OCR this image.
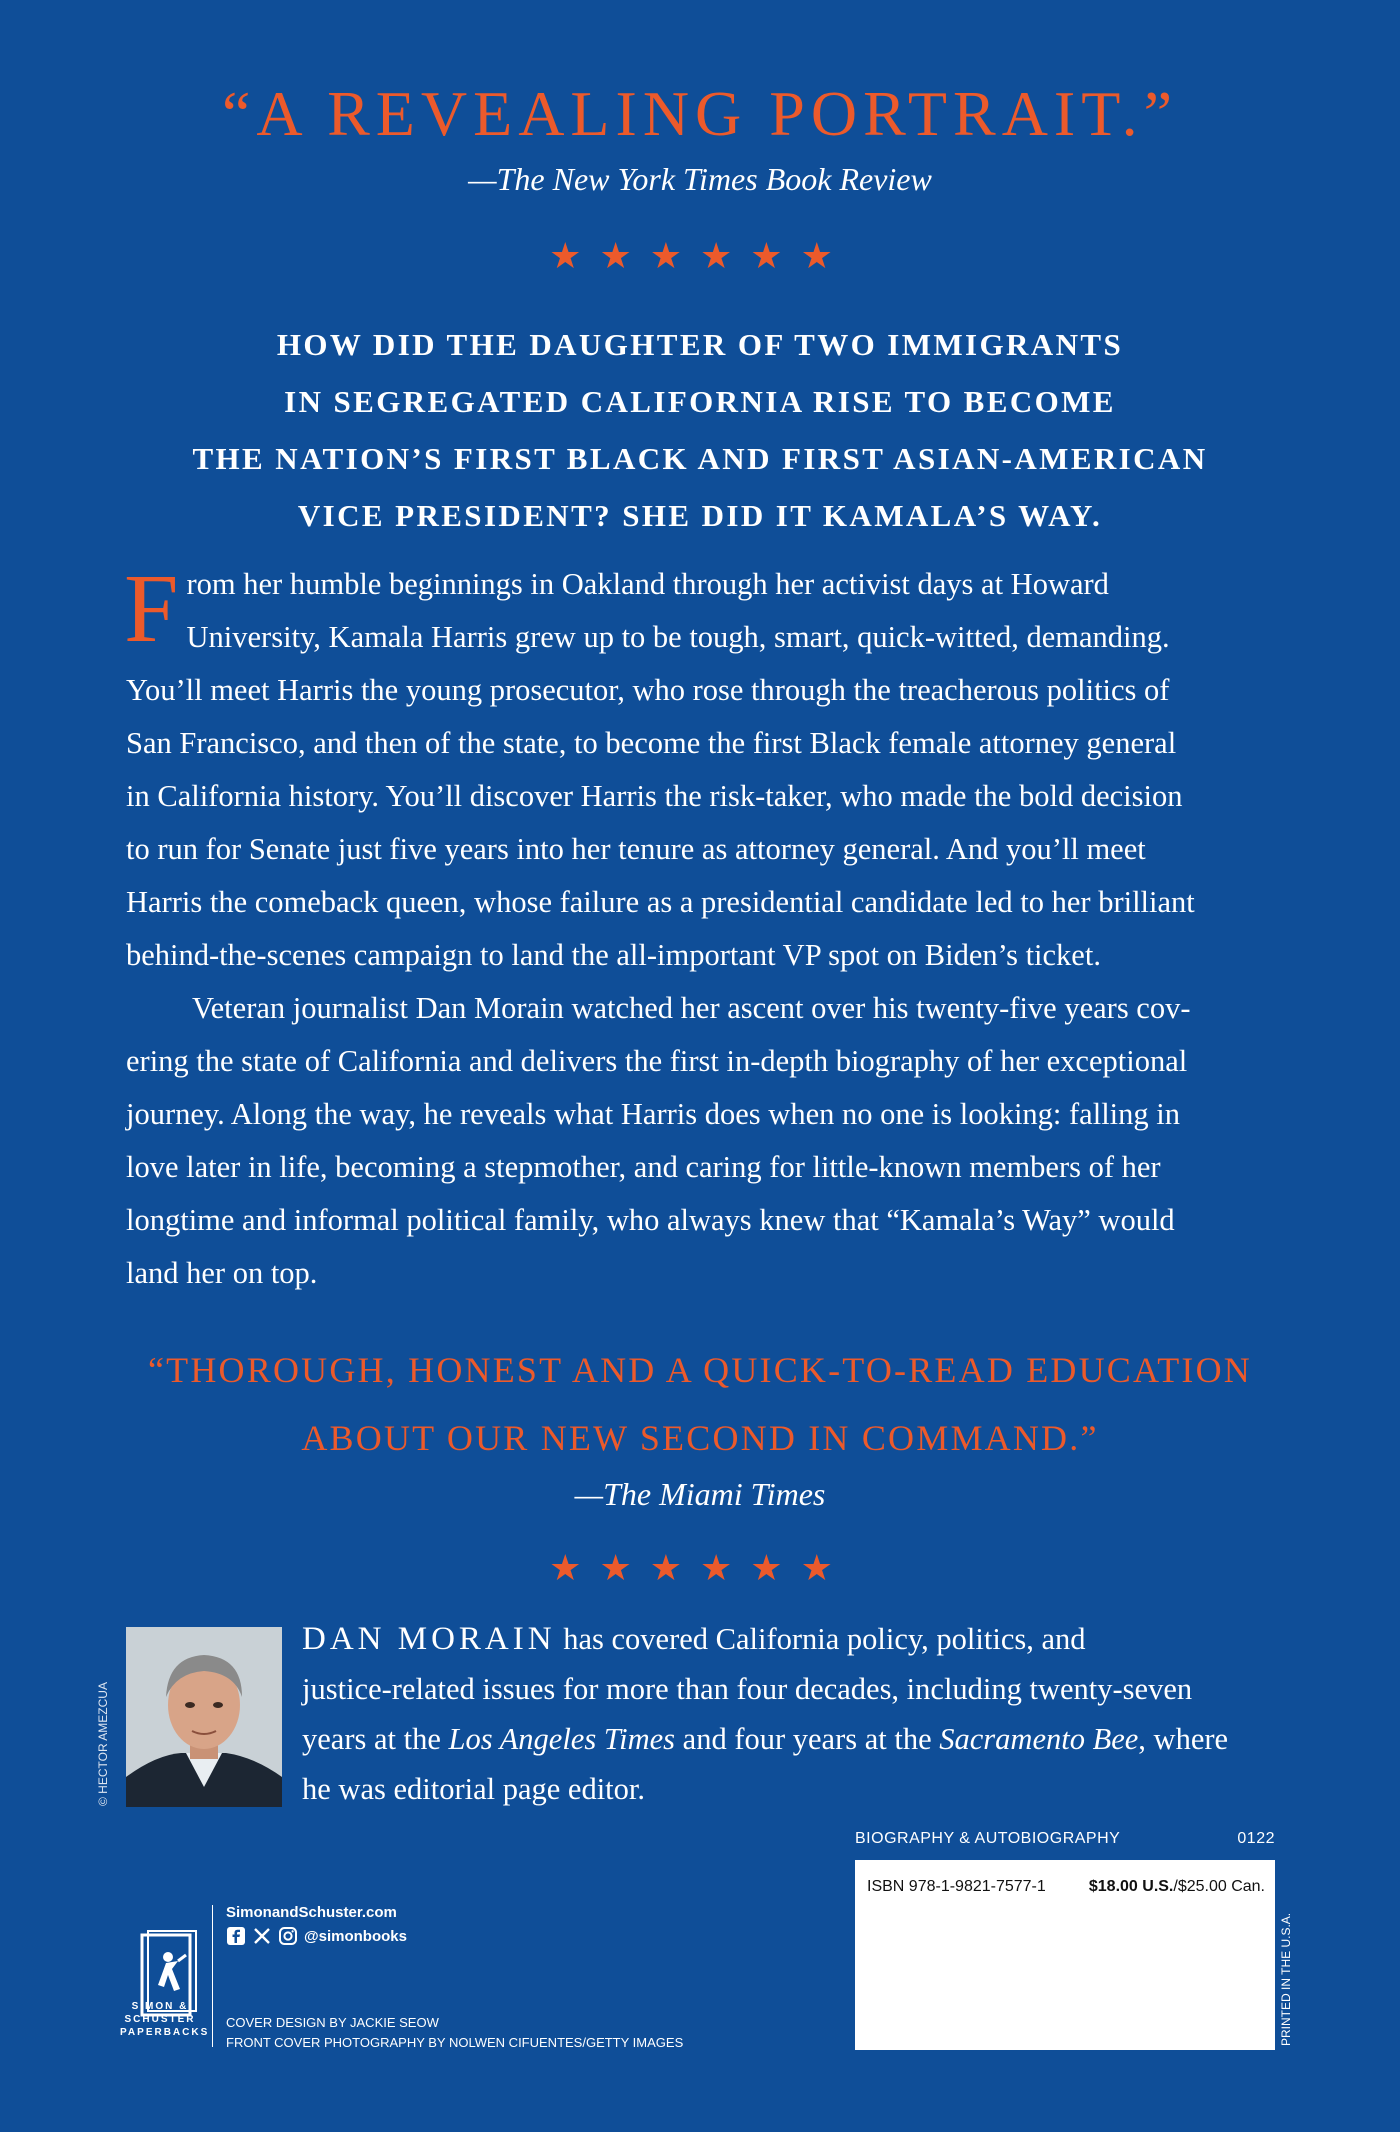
“A REVEALING PORTRAIT.”
—The New York Times Book Review
★★★★★★
HOW DID THE DAUGHTER OF TWO IMMIGRANTS
IN SEGREGATED CALIFORNIA RISE TO BECOME
THE NATION’S FIRST BLACK AND FIRST ASIAN-AMERICAN
VICE PRESIDENT? SHE DID IT KAMALA’S WAY.
F rom her humble beginnings in Oakland through her activist days at Howard
University, Kamala Harris grew up to be tough, smart, quick-witted, demanding.
You’ll meet Harris the young prosecutor, who rose through the treacherous politics of
San Francisco, and then of the state, to become the first Black female attorney general
in California history. You’ll discover Harris the risk-taker, who made the bold decision
to run for Senate just five years into her tenure as attorney general. And you’ll meet
Harris the comeback queen, whose failure as a presidential candidate led to her brilliant
behind-the-scenes campaign to land the all-important VP spot on Biden’s ticket.
Veteran journalist Dan Morain watched her ascent over his twenty-five years cov-
ering the state of California and delivers the first in-depth biography of her exceptional
journey. Along the way, he reveals what Harris does when no one is looking: falling in
love later in life, becoming a stepmother, and caring for little-known members of her
longtime and informal political family, who always knew that “Kamala’s Way” would
land her on top.
“THOROUGH, HONEST AND A QUICK-TO-READ EDUCATION
ABOUT OUR NEW SECOND IN COMMAND.”
—The Miami Times
★★★★★★
© HECTOR AMEZCUA
DAN MORAIN has covered California policy, politics, and
justice-related issues for more than four decades, including twenty-seven
years at the Los Angeles Times and four years at the Sacramento Bee, where
he was editorial page editor.
BIOGRAPHY & AUTOBIOGRAPHY	0122
ISBN 978-1-9821-7577-1	$18.00 U.S./$25.00 Can.
PRINTED IN THE U.S.A.
SIMON &
SCHUSTER
PAPERBACKS
SimonandSchuster.com
@simonbooks
COVER DESIGN BY JACKIE SEOW
FRONT COVER PHOTOGRAPHY BY NOLWEN CIFUENTES/GETTY IMAGES
